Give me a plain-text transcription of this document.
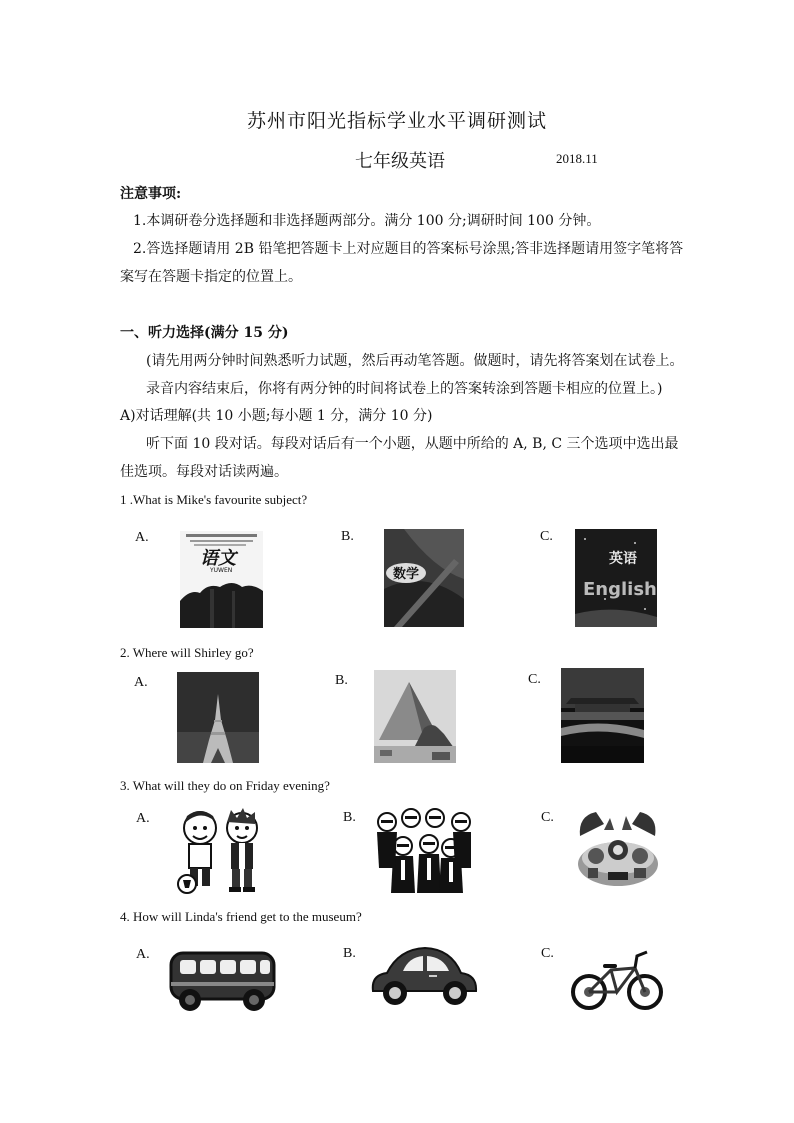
苏州市阳光指标学业水平调研测试
七年级英语	2018.11
注意事项:
1.本调研卷分选择题和非选择题两部分。满分 100 分;调研时间 100 分钟。
2.答选择题请用 2B 铅笔把答题卡上对应题目的答案标号涂黑;答非选择题请用签字笔将答
案写在答题卡指定的位置上。
一、听力选择(满分 15 分)
(请先用两分钟时间熟悉听力试题，然后再动笔答题。做题时，请先将答案划在试卷上。
录音内容结束后，你将有两分钟的时间将试卷上的答案转涂到答题卡相应的位置上。)
A)对话理解(共 10 小题;每小题 1 分，满分 10 分)
听下面 10 段对话。每段对话后有一个小题，从题中所给的 A, B, C 三个选项中选出最
佳选项。每段对话读两遍。
1 .What is Mike's favourite subject?
A.	B.	C.
语文
YUWEN	数学
英语
English
2. Where will Shirley go?
A.	B.	C.
3. What will they do on Friday evening?
A.	B.	C.
4. How will Linda's friend get to the museum?
A.	B.	C.
